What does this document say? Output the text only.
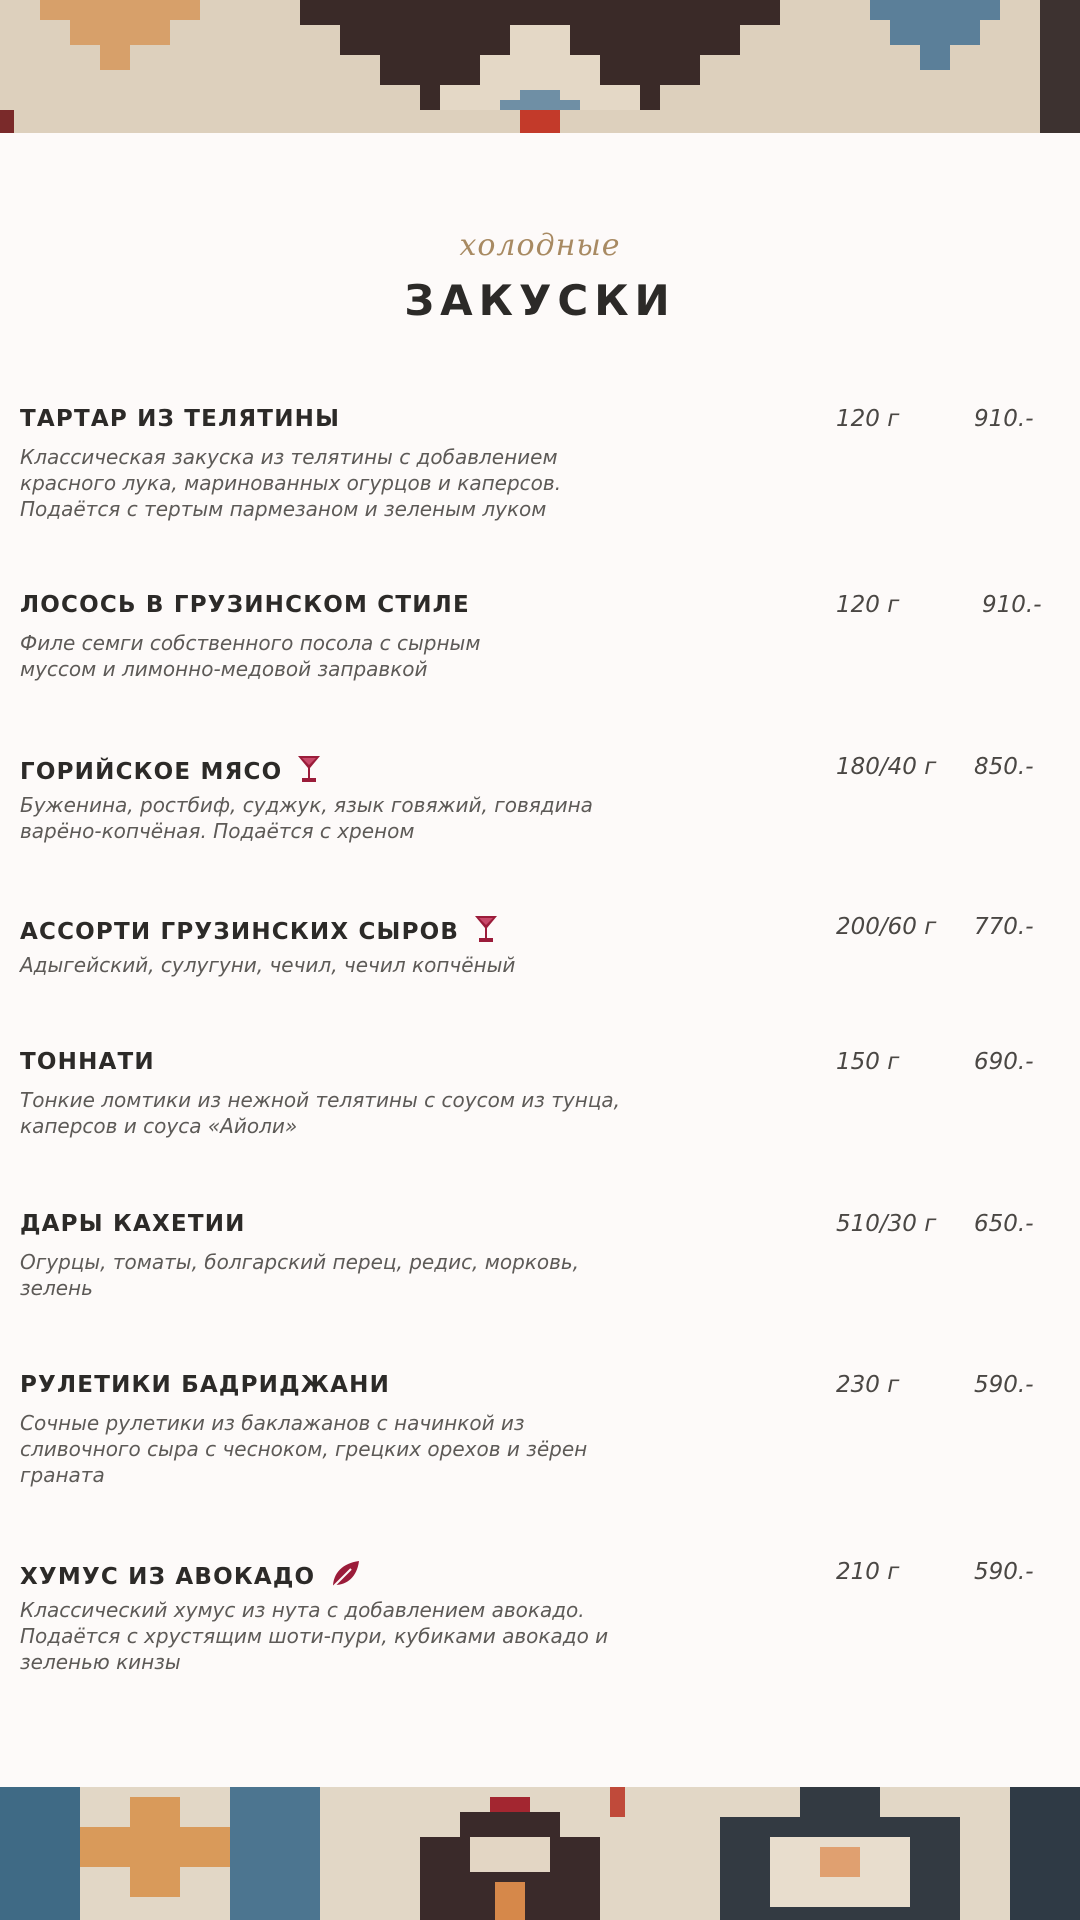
холодные
ЗАКУСКИ
ТАРТАР ИЗ ТЕЛЯТИНЫ
Классическая закуска из телятины с добавлением
красного лука, маринованных огурцов и каперсов.
Подаётся с тертым пармезаном и зеленым луком
120 г	910.-
ЛОСОСЬ В ГРУЗИНСКОМ СТИЛЕ
Филе семги собственного посола с сырным
муссом и лимонно-медовой заправкой
120 г	910.-
ГОРИЙСКОЕ МЯСО
Буженина, ростбиф, суджук, язык говяжий, говядина
варёно-копчёная. Подаётся с хреном
180/40 г 850.-
АССОРТИ ГРУЗИНСКИХ СЫРОВ
Адыгейский, сулугуни, чечил, чечил копчёный
200/60 г 770.-
ТОННАТИ
Тонкие ломтики из нежной телятины с соусом из тунца,
каперсов и соуса «Айоли»
150 г	690.-
ДАРЫ КАХЕТИИ
Огурцы, томаты, болгарский перец, редис, морковь,
зелень
510/30 г 650.-
РУЛЕТИКИ БАДРИДЖАНИ
Сочные рулетики из баклажанов с начинкой из
сливочного сыра с чесноком, грецких орехов и зёрен
граната
230 г	590.-
ХУМУС ИЗ АВОКАДО
Классический хумус из нута с добавлением авокадо.
Подаётся с хрустящим шоти-пури, кубиками авокадо и
зеленью кинзы
210 г	590.-
